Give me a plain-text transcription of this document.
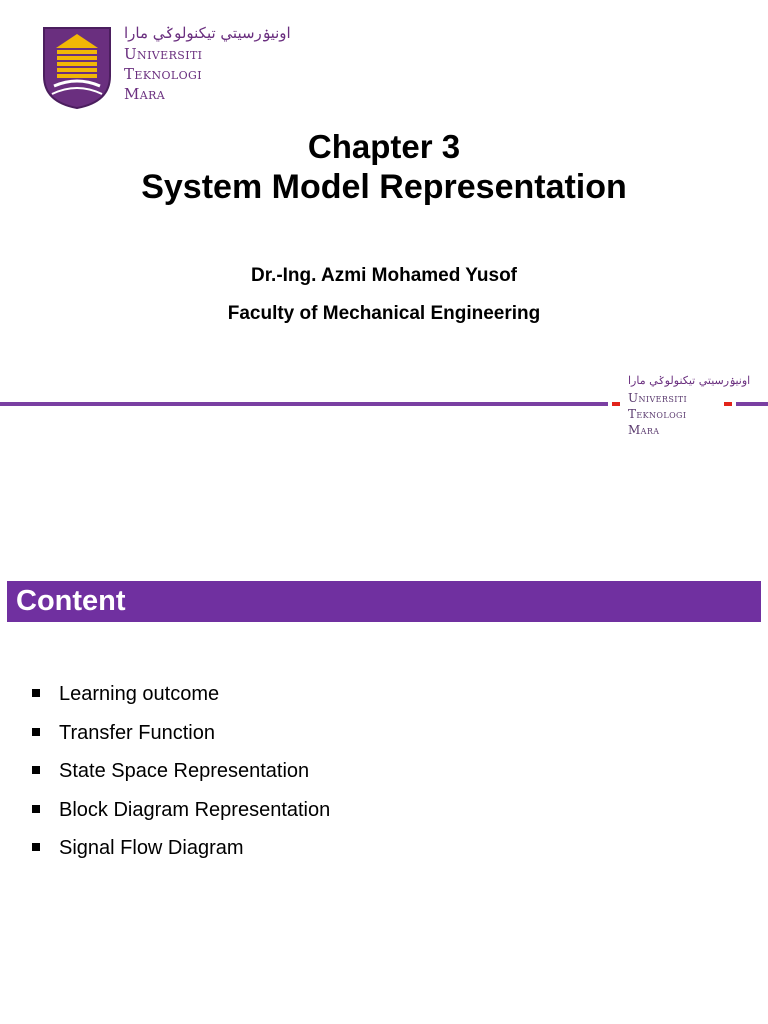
اونيۏرسيتي تيکنولوݢي مارا
Universiti
Teknologi
Mara
Chapter 3
System Model Representation
Dr.-Ing. Azmi Mohamed Yusof
Faculty of Mechanical Engineering
اونيۏرسيتي تيکنولوݢي مارا
Universiti
Teknologi
Mara
Content
Learning outcome
Transfer Function
State Space Representation
Block Diagram Representation
Signal Flow Diagram
